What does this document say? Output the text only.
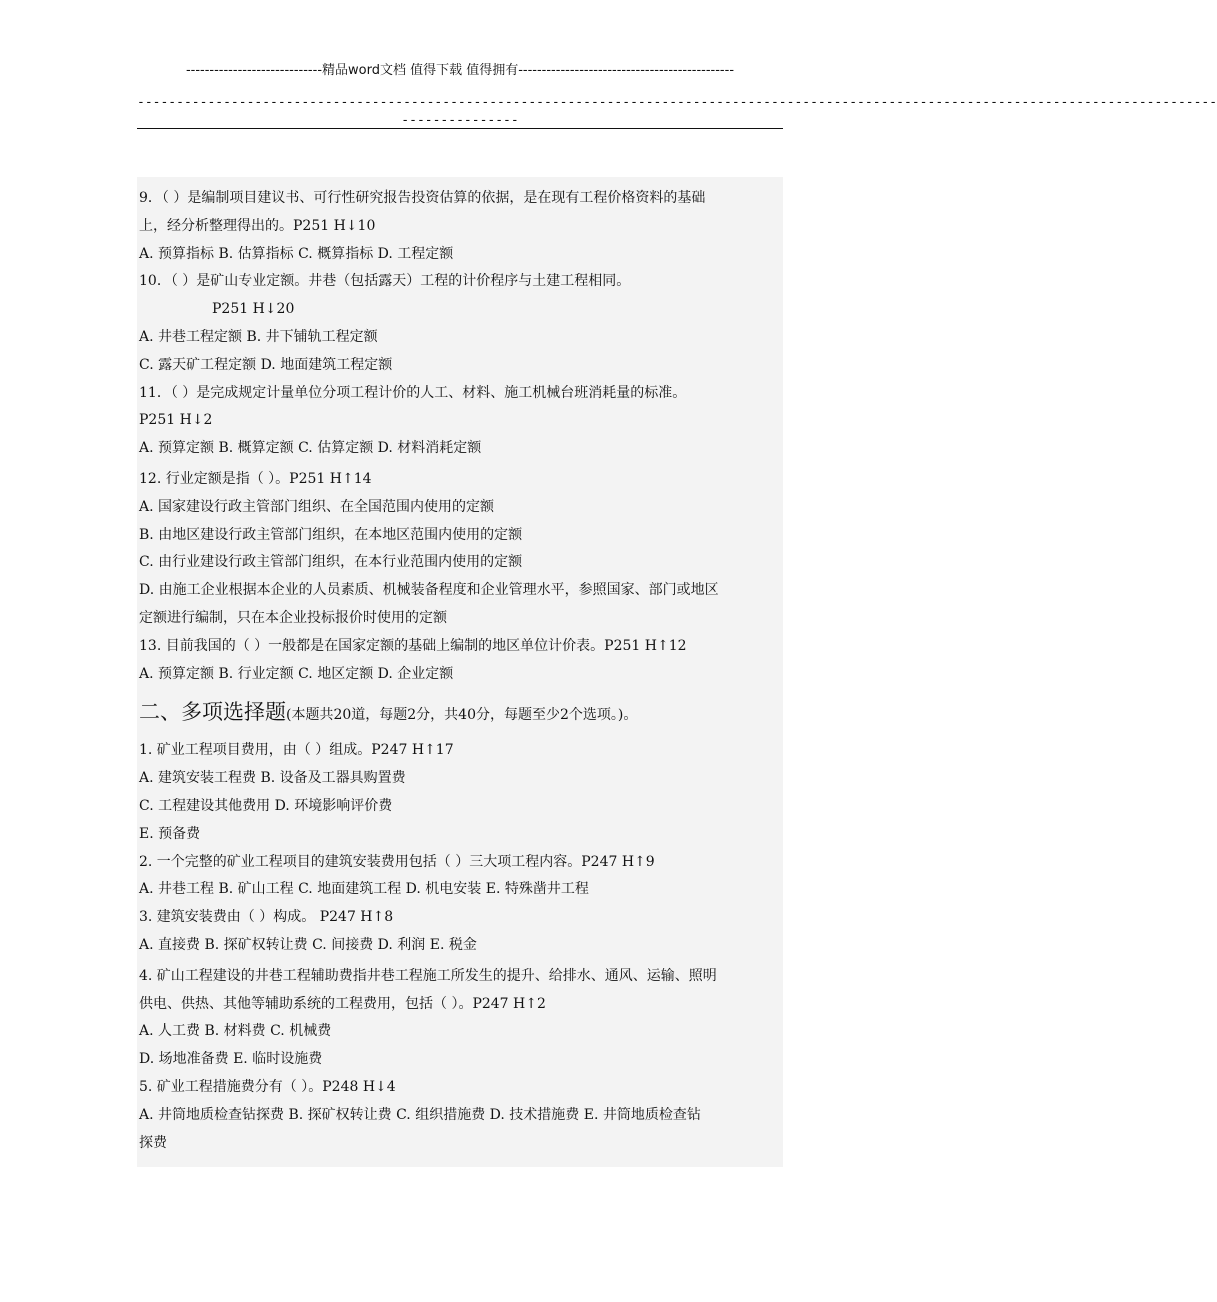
-----------------------------精品word文档 值得下载 值得拥有----------------------------------------------
------------------------------------------------------------------------------------------------------------------------------------------
---------------

9．（ ）是编制项目建议书、可行性研究报告投资估算的依据，是在现有工程价格资料的基础

上，经分析整理得出的。P251 H↓10

A. 预算指标 B. 估算指标 C. 概算指标 D. 工程定额

10．（ ）是矿山专业定额。井巷（包括露天）工程的计价程序与土建工程相同。

P251 H↓20

A. 井巷工程定额 B. 井下铺轨工程定额

C. 露天矿工程定额 D. 地面建筑工程定额

11．（ ）是完成规定计量单位分项工程计价的人工、材料、施工机械台班消耗量的标准。

P251 H↓2

A. 预算定额 B. 概算定额 C. 估算定额 D. 材料消耗定额

12. 行业定额是指（ ）。P251 H↑14

A. 国家建设行政主管部门组织、在全国范围内使用的定额

B. 由地区建设行政主管部门组织，在本地区范围内使用的定额

C. 由行业建设行政主管部门组织，在本行业范围内使用的定额

D. 由施工企业根据本企业的人员素质、机械装备程度和企业管理水平，参照国家、部门或地区

定额进行编制，只在本企业投标报价时使用的定额

13. 目前我国的（ ）一般都是在国家定额的基础上编制的地区单位计价表。P251 H↑12

A. 预算定额 B. 行业定额 C. 地区定额 D. 企业定额

二、多项选择题(本题共20道，每题2分，共40分，每题至少2个选项。)。

1. 矿业工程项目费用，由（ ）组成。P247 H↑17

A. 建筑安装工程费 B. 设备及工器具购置费

C. 工程建设其他费用 D. 环境影响评价费

E. 预备费

2. 一个完整的矿业工程项目的建筑安装费用包括（ ）三大项工程内容。P247 H↑9

A. 井巷工程 B. 矿山工程 C. 地面建筑工程 D. 机电安装 E. 特殊凿井工程

3. 建筑安装费由（ ）构成。 P247 H↑8

A. 直接费 B. 探矿权转让费 C. 间接费 D. 利润 E. 税金

4. 矿山工程建设的井巷工程辅助费指井巷工程施工所发生的提升、给排水、通风、运输、照明

供电、供热、其他等辅助系统的工程费用，包括（ ）。P247 H↑2

A. 人工费 B. 材料费 C. 机械费

D. 场地准备费 E. 临时设施费

5. 矿业工程措施费分有（ ）。P248 H↓4

A. 井筒地质检查钻探费 B. 探矿权转让费 C. 组织措施费 D. 技术措施费 E. 井筒地质检查钻

探费
